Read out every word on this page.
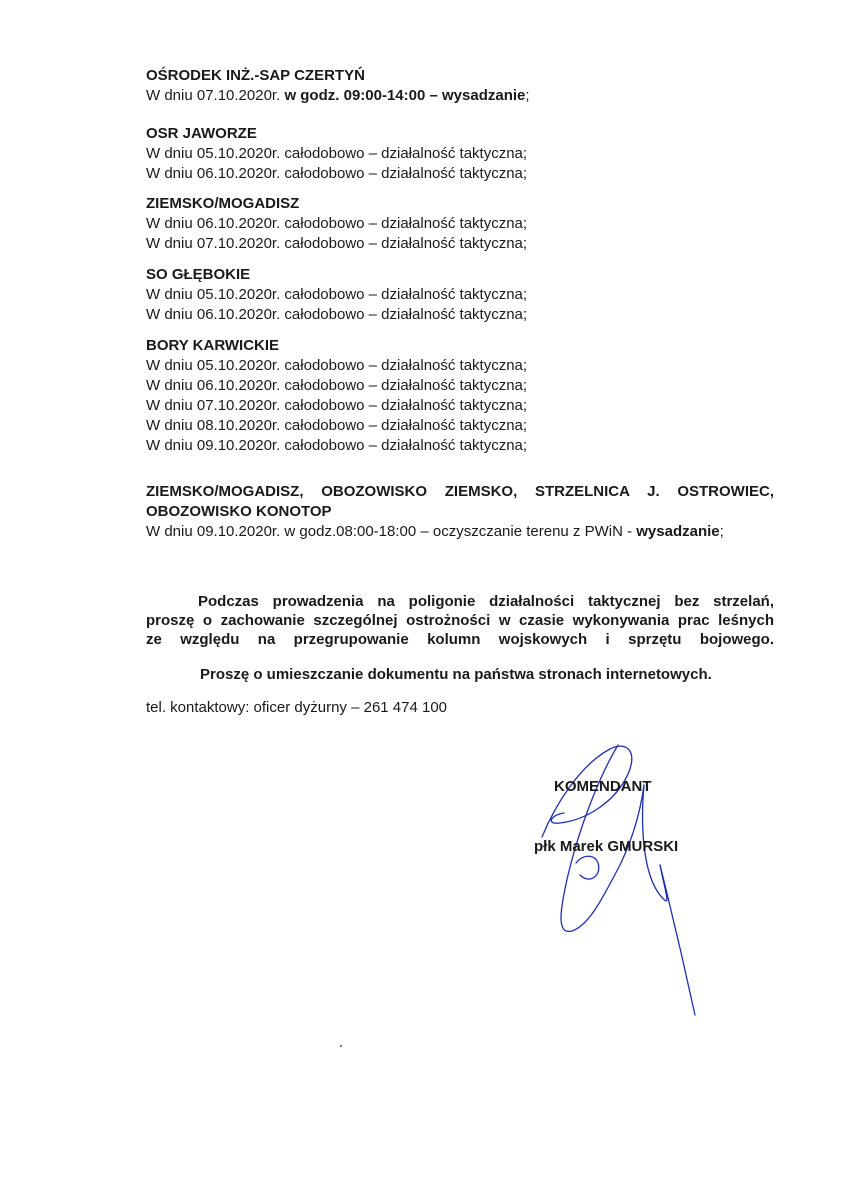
OŚRODEK INŻ.-SAP CZERTYŃ
W dniu 07.10.2020r. w godz. 09:00-14:00 – wysadzanie;
OSR JAWORZE
W dniu 05.10.2020r. całodobowo – działalność taktyczna;
W dniu 06.10.2020r. całodobowo – działalność taktyczna;
ZIEMSKO/MOGADISZ
W dniu 06.10.2020r. całodobowo – działalność taktyczna;
W dniu 07.10.2020r. całodobowo – działalność taktyczna;
SO GŁĘBOKIE
W dniu 05.10.2020r. całodobowo – działalność taktyczna;
W dniu 06.10.2020r. całodobowo – działalność taktyczna;
BORY KARWICKIE
W dniu 05.10.2020r. całodobowo – działalność taktyczna;
W dniu 06.10.2020r. całodobowo – działalność taktyczna;
W dniu 07.10.2020r. całodobowo – działalność taktyczna;
W dniu 08.10.2020r. całodobowo – działalność taktyczna;
W dniu 09.10.2020r. całodobowo – działalność taktyczna;
ZIEMSKO/MOGADISZ, OBOZOWISKO ZIEMSKO, STRZELNICA J. OSTROWIEC,
OBOZOWISKO KONOTOP
W dniu 09.10.2020r. w godz.08:00-18:00 – oczyszczanie terenu z PWiN - wysadzanie;
Podczas prowadzenia na poligonie działalności taktycznej bez strzelań,
proszę o zachowanie szczególnej ostrożności w czasie wykonywania prac leśnych
ze względu na przegrupowanie kolumn wojskowych i sprzętu bojowego.
Proszę o umieszczanie dokumentu na państwa stronach internetowych.
tel. kontaktowy: oficer dyżurny – 261 474 100
KOMENDANT
płk Marek GMURSKI
